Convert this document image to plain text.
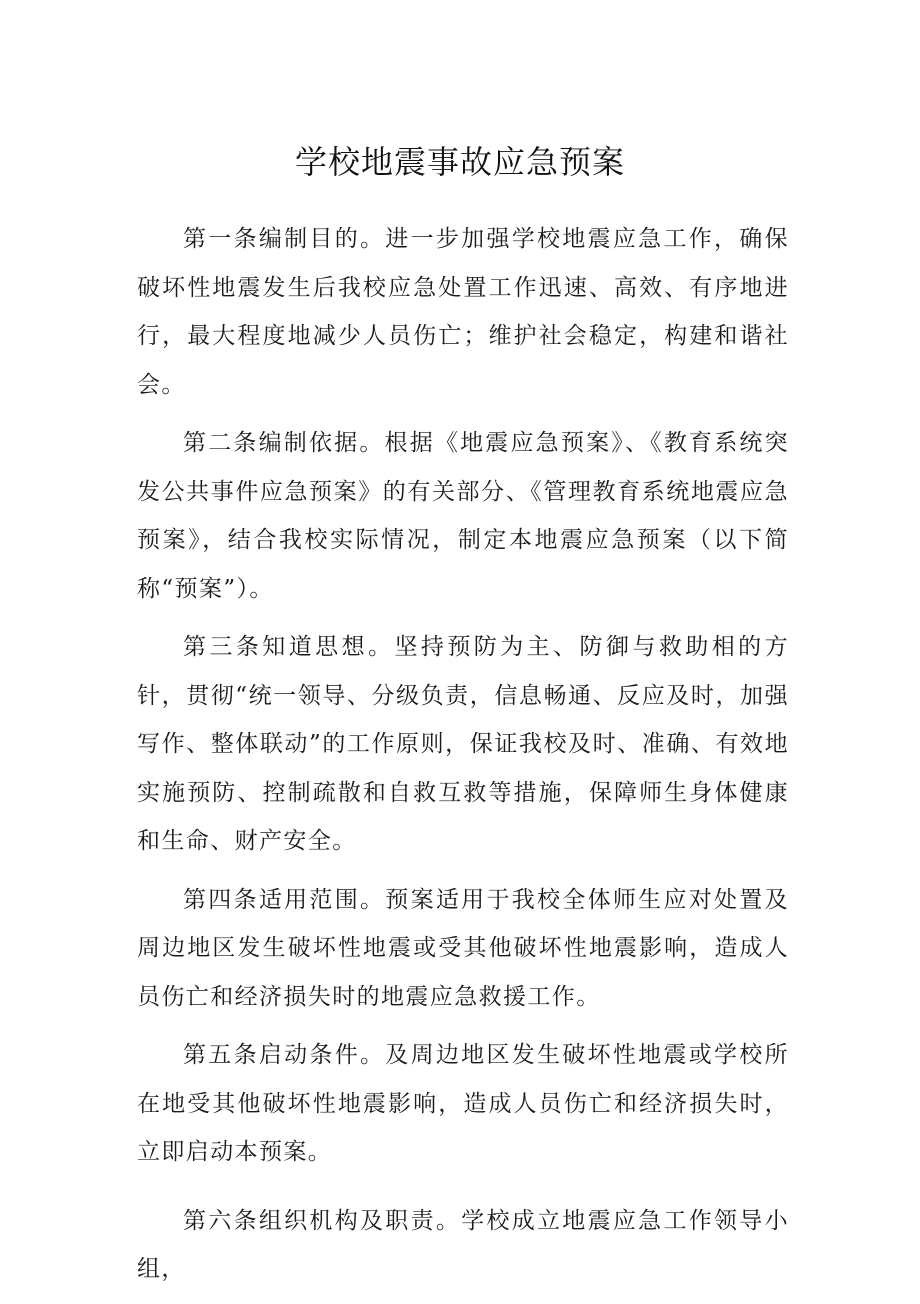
学校地震事故应急预案

第一条编制目的。进一步加强学校地震应急工作，确保破坏性地震发生后我校应急处置工作迅速、高效、有序地进行，最大程度地减少人员伤亡；维护社会稳定，构建和谐社会。

第二条编制依据。根据《地震应急预案》、《教育系统突发公共事件应急预案》的有关部分、《管理教育系统地震应急预案》，结合我校实际情况，制定本地震应急预案（以下简称“预案”）。

第三条知道思想。坚持预防为主、防御与救助相的方针，贯彻“统一领导、分级负责，信息畅通、反应及时，加强写作、整体联动”的工作原则，保证我校及时、准确、有效地实施预防、控制疏散和自救互救等措施，保障师生身体健康和生命、财产安全。

第四条适用范围。预案适用于我校全体师生应对处置及周边地区发生破坏性地震或受其他破坏性地震影响，造成人员伤亡和经济损失时的地震应急救援工作。

第五条启动条件。及周边地区发生破坏性地震或学校所在地受其他破坏性地震影响，造成人员伤亡和经济损失时，立即启动本预案。

第六条组织机构及职责。学校成立地震应急工作领导小组，
